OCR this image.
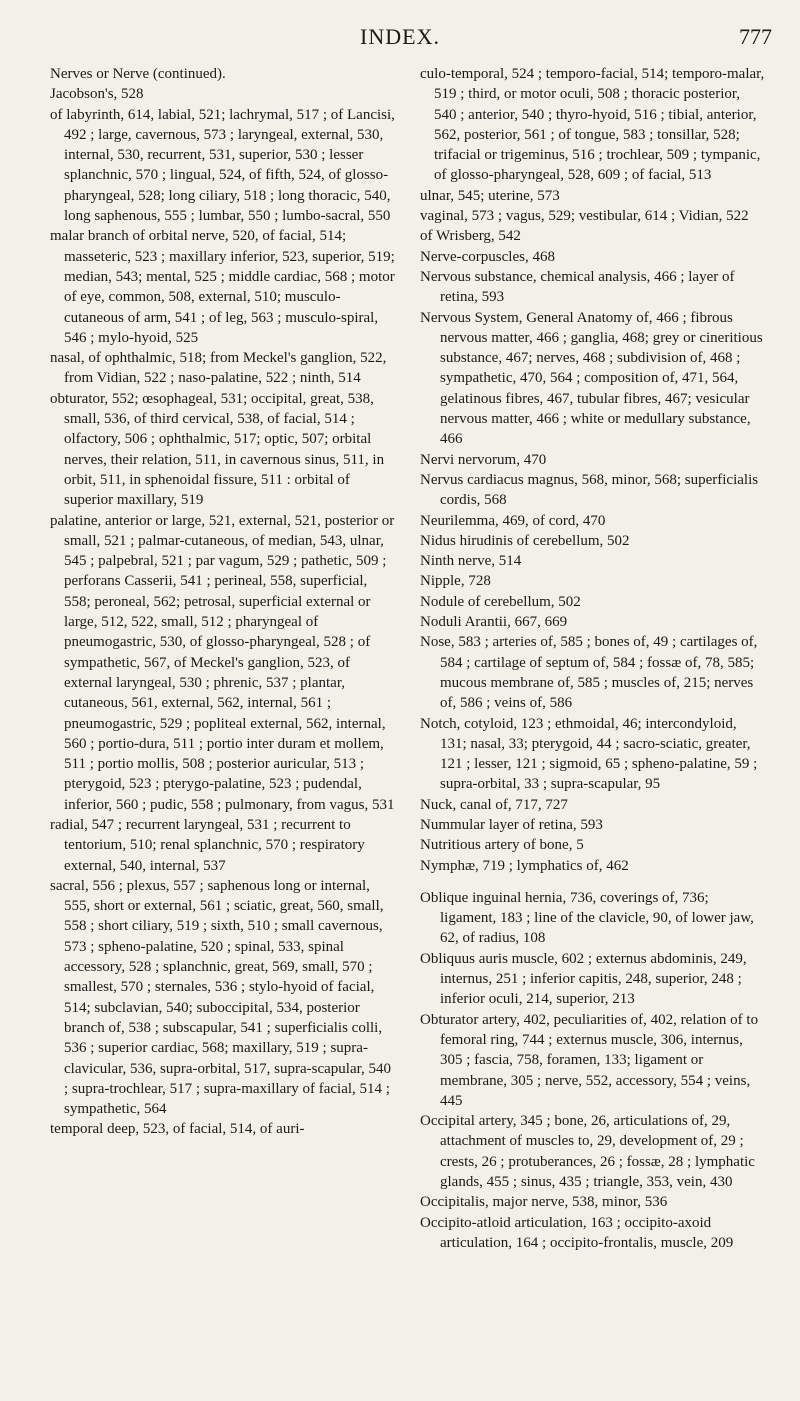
INDEX.	777

Nerves or Nerve (continued).

Jacobson's, 528

of labyrinth, 614, labial, 521; lachrymal, 517 ; of Lancisi, 492 ; large, cavernous, 573 ; laryngeal, external, 530, internal, 530, recurrent, 531, superior, 530 ; lesser splanchnic, 570 ; lingual, 524, of fifth, 524, of glosso-pharyngeal, 528; long ciliary, 518 ; long thoracic, 540, long saphenous, 555 ; lumbar, 550 ; lumbo-sacral, 550

malar branch of orbital nerve, 520, of facial, 514; masseteric, 523 ; maxillary inferior, 523, superior, 519; median, 543; mental, 525 ; middle cardiac, 568 ; motor of eye, common, 508, external, 510; musculo-cutaneous of arm, 541 ; of leg, 563 ; musculo-spiral, 546 ; mylo-hyoid, 525

nasal, of ophthalmic, 518; from Meckel's ganglion, 522, from Vidian, 522 ; naso-palatine, 522 ; ninth, 514

obturator, 552; œsophageal, 531; occipital, great, 538, small, 536, of third cervical, 538, of facial, 514 ; olfactory, 506 ; ophthalmic, 517; optic, 507; orbital nerves, their relation, 511, in cavernous sinus, 511, in orbit, 511, in sphenoidal fissure, 511 : orbital of superior maxillary, 519

palatine, anterior or large, 521, external, 521, posterior or small, 521 ; palmar-cutaneous, of median, 543, ulnar, 545 ; palpebral, 521 ; par vagum, 529 ; pathetic, 509 ; perforans Casserii, 541 ; perineal, 558, superficial, 558; peroneal, 562; petrosal, superficial external or large, 512, 522, small, 512 ; pharyngeal of pneumogastric, 530, of glosso-pharyngeal, 528 ; of sympathetic, 567, of Meckel's ganglion, 523, of external laryngeal, 530 ; phrenic, 537 ; plantar, cutaneous, 561, external, 562, internal, 561 ; pneumogastric, 529 ; popliteal external, 562, internal, 560 ; portio-dura, 511 ; portio inter duram et mollem, 511 ; portio mollis, 508 ; posterior auricular, 513 ; pterygoid, 523 ; pterygo-palatine, 523 ; pudendal, inferior, 560 ; pudic, 558 ; pulmonary, from vagus, 531

radial, 547 ; recurrent laryngeal, 531 ; recurrent to tentorium, 510; renal splanchnic, 570 ; respiratory external, 540, internal, 537

sacral, 556 ; plexus, 557 ; saphenous long or internal, 555, short or external, 561 ; sciatic, great, 560, small, 558 ; short ciliary, 519 ; sixth, 510 ; small cavernous, 573 ; spheno-palatine, 520 ; spinal, 533, spinal accessory, 528 ; splanchnic, great, 569, small, 570 ; smallest, 570 ; sternales, 536 ; stylo-hyoid of facial, 514; subclavian, 540; suboccipital, 534, posterior branch of, 538 ; subscapular, 541 ; superficialis colli, 536 ; superior cardiac, 568; maxillary, 519 ; supra-clavicular, 536, supra-orbital, 517, supra-scapular, 540 ; supra-trochlear, 517 ; supra-maxillary of facial, 514 ; sympathetic, 564

temporal deep, 523, of facial, 514, of auri-

culo-temporal, 524 ; temporo-facial, 514; temporo-malar, 519 ; third, or motor oculi, 508 ; thoracic posterior, 540 ; anterior, 540 ; thyro-hyoid, 516 ; tibial, anterior, 562, posterior, 561 ; of tongue, 583 ; tonsillar, 528; trifacial or trigeminus, 516 ; trochlear, 509 ; tympanic, of glosso-pharyngeal, 528, 609 ; of facial, 513

ulnar, 545; uterine, 573

vaginal, 573 ; vagus, 529; vestibular, 614 ; Vidian, 522

of Wrisberg, 542

Nerve-corpuscles, 468

Nervous substance, chemical analysis, 466 ; layer of retina, 593

Nervous System, General Anatomy of, 466 ; fibrous nervous matter, 466 ; ganglia, 468; grey or cineritious substance, 467; nerves, 468 ; subdivision of, 468 ; sympathetic, 470, 564 ; composition of, 471, 564, gelatinous fibres, 467, tubular fibres, 467; vesicular nervous matter, 466 ; white or medullary substance, 466

Nervi nervorum, 470

Nervus cardiacus magnus, 568, minor, 568; superficialis cordis, 568

Neurilemma, 469, of cord, 470

Nidus hirudinis of cerebellum, 502

Ninth nerve, 514

Nipple, 728

Nodule of cerebellum, 502

Noduli Arantii, 667, 669

Nose, 583 ; arteries of, 585 ; bones of, 49 ; cartilages of, 584 ; cartilage of septum of, 584 ; fossæ of, 78, 585; mucous membrane of, 585 ; muscles of, 215; nerves of, 586 ; veins of, 586

Notch, cotyloid, 123 ; ethmoidal, 46; intercondyloid, 131; nasal, 33; pterygoid, 44 ; sacro-sciatic, greater, 121 ; lesser, 121 ; sigmoid, 65 ; spheno-palatine, 59 ; supra-orbital, 33 ; supra-scapular, 95

Nuck, canal of, 717, 727

Nummular layer of retina, 593

Nutritious artery of bone, 5

Nymphæ, 719 ; lymphatics of, 462

Oblique inguinal hernia, 736, coverings of, 736; ligament, 183 ; line of the clavicle, 90, of lower jaw, 62, of radius, 108

Obliquus auris muscle, 602 ; externus abdominis, 249, internus, 251 ; inferior capitis, 248, superior, 248 ; inferior oculi, 214, superior, 213

Obturator artery, 402, peculiarities of, 402, relation of to femoral ring, 744 ; externus muscle, 306, internus, 305 ; fascia, 758, foramen, 133; ligament or membrane, 305 ; nerve, 552, accessory, 554 ; veins, 445

Occipital artery, 345 ; bone, 26, articulations of, 29, attachment of muscles to, 29, development of, 29 ; crests, 26 ; protuberances, 26 ; fossæ, 28 ; lymphatic glands, 455 ; sinus, 435 ; triangle, 353, vein, 430

Occipitalis, major nerve, 538, minor, 536

Occipito-atloid articulation, 163 ; occipito-axoid articulation, 164 ; occipito-frontalis, muscle, 209
